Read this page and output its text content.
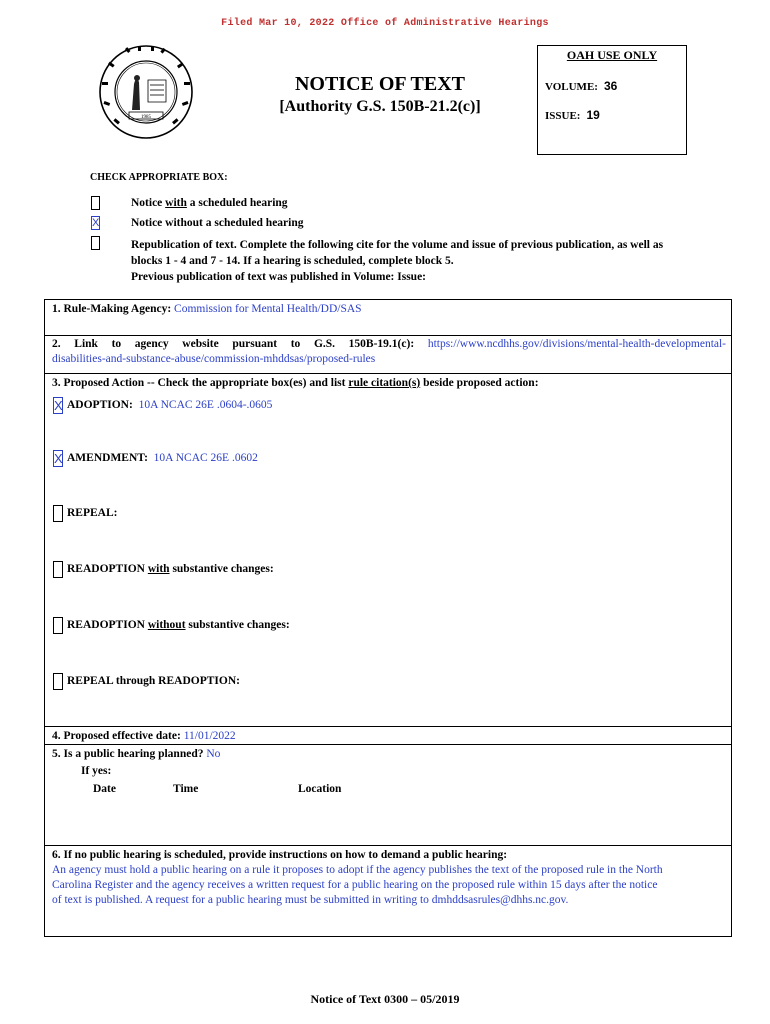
Filed Mar 10, 2022 Office of Administrative Hearings
1985
NOTICE OF TEXT
[Authority G.S. 150B-21.2(c)]
OAH USE ONLY
VOLUME: 36
ISSUE: 19
CHECK APPROPRIATE BOX:
Notice with a scheduled hearing
X	Notice without a scheduled hearing
Republication of text. Complete the following cite for the volume and issue of previous publication, as well as
blocks 1 - 4 and 7 - 14. If a hearing is scheduled, complete block 5.
Previous publication of text was published in Volume: Issue:
1. Rule-Making Agency: Commission for Mental Health/DD/SAS
2. Link to agency website pursuant to G.S. 150B-19.1(c): https://www.ncdhhs.gov/divisions/mental-health-developmental-
disabilities-and-substance-abuse/commission-mhddsas/proposed-rules
3. Proposed Action -- Check the appropriate box(es) and list rule citation(s) beside proposed action:
X ADOPTION: 10A NCAC 26E .0604-.0605
X AMENDMENT: 10A NCAC 26E .0602
REPEAL:
READOPTION with substantive changes:
READOPTION without substantive changes:
REPEAL through READOPTION:
4. Proposed effective date: 11/01/2022
5. Is a public hearing planned? No
If yes:
Date	Time	Location
6. If no public hearing is scheduled, provide instructions on how to demand a public hearing:
An agency must hold a public hearing on a rule it proposes to adopt if the agency publishes the text of the proposed rule in the North
Carolina Register and the agency receives a written request for a public hearing on the proposed rule within 15 days after the notice
of text is published. A request for a public hearing must be submitted in writing to dmhddsasrules@dhhs.nc.gov.
Notice of Text 0300 – 05/2019
